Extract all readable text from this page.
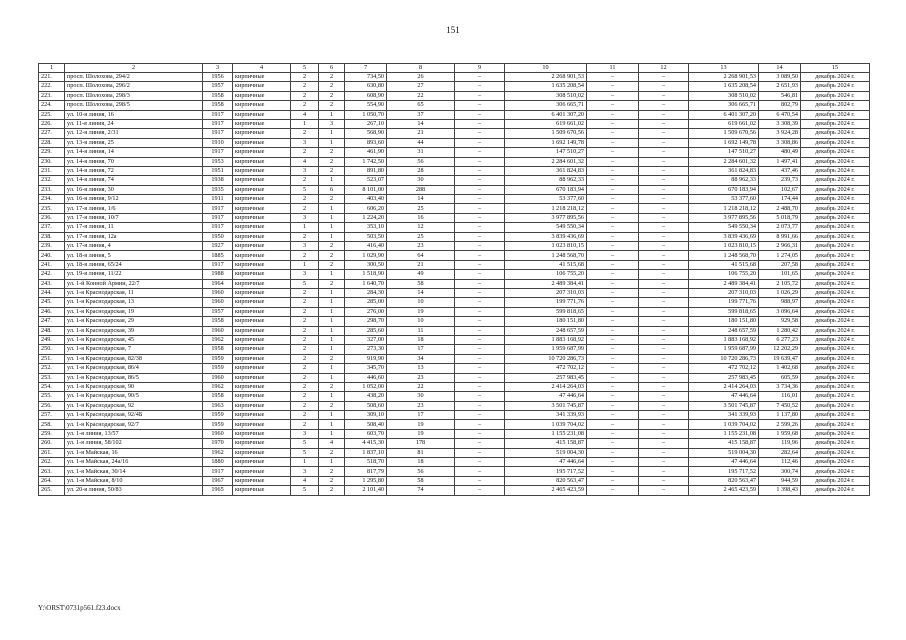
151
1	2	3	4	5	6	7	8	9	10	11	12	13	14	15
221.	просп. Шолохова, 294/2	1956	кирпичные	2	2	734,50	26	–	2 268 901,53	–	–	2 268 901,53	3 089,50	декабрь 2024 г.
222.	просп. Шолохова, 296/2	1957	кирпичные	2	2	630,80	27	–	1 635 208,54	–	–	1 635 208,54	2 651,93	декабрь 2024 г.
223.	просп. Шолохова, 298/3	1958	кирпичные	2	2	608,90	22	–	308 510,02	–	–	308 510,02	546,81	декабрь 2024 г.
224.	просп. Шолохова, 298/5	1958	кирпичные	2	2	554,90	65	–	306 665,71	–	–	306 665,71	802,79	декабрь 2024 г.
225.	ул. 10-я линия, 16	1917	кирпичные	4	1	1 050,70	37	–	6 401 307,20	–	–	6 401 307,20	6 470,54	декабрь 2024 г.
226.	ул. 11-я линия, 24	1917	кирпичные	1	3	267,10	14	–	619 661,02	–	–	619 661,02	3 308,39	декабрь 2024 г.
227.	ул. 12-я линия, 2/31	1917	кирпичные	2	1	568,90	21	–	1 509 670,56	–	–	1 509 670,56	3 924,28	декабрь 2024 г.
228.	ул. 13-я линия, 25	1910	кирпичные	3	1	893,60	44	–	1 692 149,78	–	–	1 692 149,78	3 308,86	декабрь 2024 г.
229.	ул. 14-я линия, 14	1917	кирпичные	2	2	461,90	31	–	147 510,27	–	–	147 510,27	480,49	декабрь 2024 г.
230.	ул. 14-я линия, 70	1953	кирпичные	4	2	1 742,50	56	–	2 284 601,32	–	–	2 284 601,32	1 497,41	декабрь 2024 г.
231.	ул. 14-я линия, 72	1951	кирпичные	3	2	891,80	28	–	361 824,83	–	–	361 824,83	437,46	декабрь 2024 г.
232.	ул. 14-я линия, 74	1938	кирпичные	2	1	523,07	30	–	88 962,33	–	–	88 962,33	239,73	декабрь 2024 г.
233.	ул. 16-я линия, 30	1935	кирпичные	5	6	8 101,00	288	–	670 183,94	–	–	670 183,94	102,67	декабрь 2024 г.
234.	ул. 16-я линия, 9/12	1911	кирпичные	2	2	403,40	14	–	53 377,60	–	–	53 377,60	174,44	декабрь 2024 г.
235.	ул. 17-я линия, 1/6	1917	кирпичные	2	1	606,20	25	–	1 218 218,12	–	–	1 218 218,12	2 488,70	декабрь 2024 г.
236.	ул. 17-я линия, 10/7	1917	кирпичные	3	1	1 224,20	16	–	3 977 895,56	–	–	3 977 895,56	5 018,79	декабрь 2024 г.
237.	ул. 17-я линия, 11	1917	кирпичные	1	1	353,10	12	–	549 550,34	–	–	549 550,34	2 073,77	декабрь 2024 г.
238.	ул. 17-я линия, 12а	1950	кирпичные	2	1	503,50	25	–	3 839 436,69	–	–	3 839 436,69	8 991,66	декабрь 2024 г.
239.	ул. 17-я линия, 4	1927	кирпичные	3	2	416,40	23	–	1 023 810,15	–	–	1 023 810,15	2 966,31	декабрь 2024 г.
240.	ул. 18-я линия, 5	1885	кирпичные	2	2	1 029,90	64	–	1 248 568,70	–	–	1 248 568,70	1 274,05	декабрь 2024 г.
241.	ул. 18-я линия, 65/24	1917	кирпичные	1	2	300,50	21	–	41 515,68	–	–	41 515,68	207,58	декабрь 2024 г.
242.	ул. 19-я линия, 11/22	1988	кирпичные	3	1	1 518,90	49	–	106 755,20	–	–	106 755,20	101,65	декабрь 2024 г.
243.	ул. 1-й Конной Армии, 22/7	1964	кирпичные	5	2	1 640,70	58	–	2 489 384,41	–	–	2 489 384,41	2 105,72	декабрь 2024 г.
244.	ул. 1-я Краснодарская, 11	1960	кирпичные	2	1	284,30	14	–	207 310,03	–	–	207 310,03	1 026,29	декабрь 2024 г.
245.	ул. 1-я Краснодарская, 13	1960	кирпичные	2	1	285,00	10	–	199 771,76	–	–	199 771,76	988,97	декабрь 2024 г.
246.	ул. 1-я Краснодарская, 19	1957	кирпичные	2	1	276,00	19	–	599 818,65	–	–	599 818,65	3 096,64	декабрь 2024 г.
247.	ул. 1-я Краснодарская, 29	1958	кирпичные	2	1	298,70	10	–	180 151,80	–	–	180 151,80	929,58	декабрь 2024 г.
248.	ул. 1-я Краснодарская, 39	1960	кирпичные	2	1	285,60	11	–	248 657,59	–	–	248 657,59	1 280,42	декабрь 2024 г.
249.	ул. 1-я Краснодарская, 45	1962	кирпичные	2	1	327,00	18	–	1 883 168,92	–	–	1 883 168,92	6 277,23	декабрь 2024 г.
250.	ул. 1-я Краснодарская, 7	1958	кирпичные	2	1	273,30	17	–	1 959 687,99	–	–	1 959 687,99	12 202,29	декабрь 2024 г.
251.	ул. 1-я Краснодарская, 82/38	1959	кирпичные	2	2	919,90	34	–	10 720 286,73	–	–	10 720 286,73	19 639,47	декабрь 2024 г.
252.	ул. 1-я Краснодарская, 86/4	1959	кирпичные	2	1	345,70	13	–	472 702,12	–	–	472 702,12	1 402,68	декабрь 2024 г.
253.	ул. 1-я Краснодарская, 86/5	1960	кирпичные	2	1	446,60	23	–	257 983,45	–	–	257 983,45	605,59	декабрь 2024 г.
254.	ул. 1-я Краснодарская, 90	1962	кирпичные	2	2	1 052,00	22	–	2 414 264,03	–	–	2 414 264,03	3 734,36	декабрь 2024 г.
255.	ул. 1-я Краснодарская, 90/5	1958	кирпичные	2	1	438,20	30	–	47 446,64	–	–	47 446,64	116,01	декабрь 2024 г.
256.	ул. 1-я Краснодарская, 92	1963	кирпичные	2	2	508,60	23	–	3 501 745,87	–	–	3 501 745,87	7 450,52	декабрь 2024 г.
257.	ул. 1-я Краснодарская, 92/4Б	1959	кирпичные	2	1	309,10	17	–	341 339,93	–	–	341 339,93	1 137,80	декабрь 2024 г.
258.	ул. 1-я Краснодарская, 92/7	1959	кирпичные	2	1	508,40	19	–	1 039 704,02	–	–	1 039 704,02	2 599,26	декабрь 2024 г.
259.	ул. 1-я линия, 13/57	1960	кирпичные	3	1	603,70	19	–	1 155 231,08	–	–	1 155 231,08	1 959,68	декабрь 2024 г.
260.	ул. 1-я линия, 58/102	1970	кирпичные	5	4	4 415,30	178	–	415 158,87	–	–	415 158,87	119,96	декабрь 2024 г.
261.	ул. 1-я Майская, 16	1962	кирпичные	5	2	1 837,10	81	–	519 004,30	–	–	519 004,30	282,64	декабрь 2024 г.
262.	ул. 1-я Майская, 24а/16	1880	кирпичные	1	1	518,70	18	–	47 446,64	–	–	47 446,64	112,46	декабрь 2024 г.
263.	ул. 1-я Майская, 30/14	1917	кирпичные	3	2	817,79	56	–	195 717,52	–	–	195 717,52	300,74	декабрь 2024 г.
264.	ул. 1-я Майская, 8/10	1967	кирпичные	4	2	1 295,80	58	–	820 563,47	–	–	820 563,47	944,59	декабрь 2024 г.
265.	ул. 20-я линия, 50/83	1965	кирпичные	5	2	2 101,40	74	–	2 465 423,59	–	–	2 465 423,59	1 398,43	декабрь 2024 г.
Y:\ORST\0731p561.f23.docx
